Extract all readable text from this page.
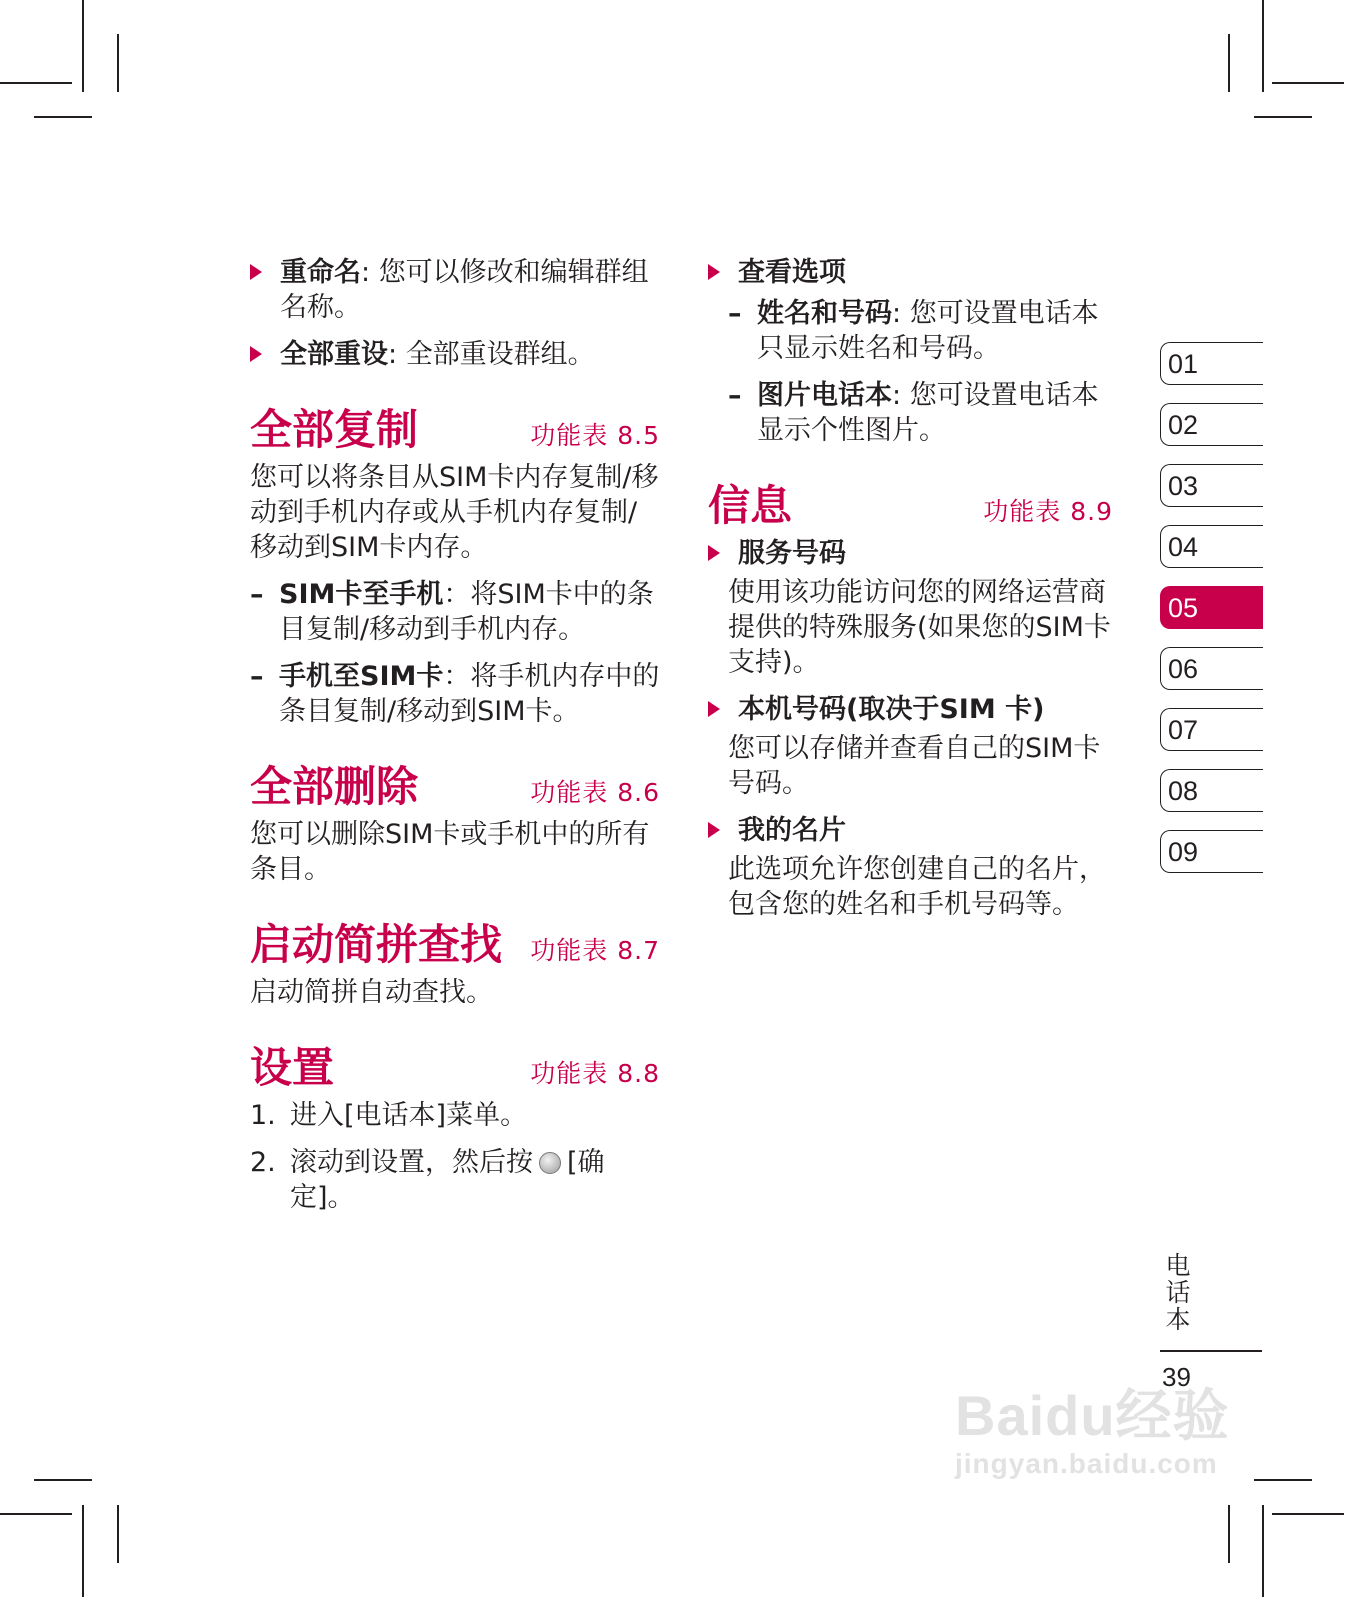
重命名: 您可以修改和编辑群组名称。
全部重设: 全部重设群组。
全部复制	功能表 8.5
您可以将条目从SIM卡内存复制/移动到手机内存或从手机内存复制/移动到SIM卡内存。
– SIM卡至手机：将SIM卡中的条目复制/移动到手机内存。
– 手机至SIM卡：将手机内存中的条目复制/移动到SIM卡。
全部删除	功能表 8.6
您可以删除SIM卡或手机中的所有条目。
启动简拼查找 功能表 8.7
启动简拼自动查找。
设置	功能表 8.8
1. 进入[电话本]菜单。
2. 滚动到设置，然后按 [确定]。
查看选项
– 姓名和号码: 您可设置电话本只显示姓名和号码。
– 图片电话本: 您可设置电话本显示个性图片。
信息	功能表 8.9
服务号码
使用该功能访问您的网络运营商提供的特殊服务(如果您的SIM卡支持)。
本机号码(取决于SIM 卡)
您可以存储并查看自己的SIM卡号码。
我的名片
此选项允许您创建自己的名片，包含您的姓名和手机号码等。
01
02
03
04
05
06
07
08
09
电话本
39
Baidu经验
jingyan.baidu.com
